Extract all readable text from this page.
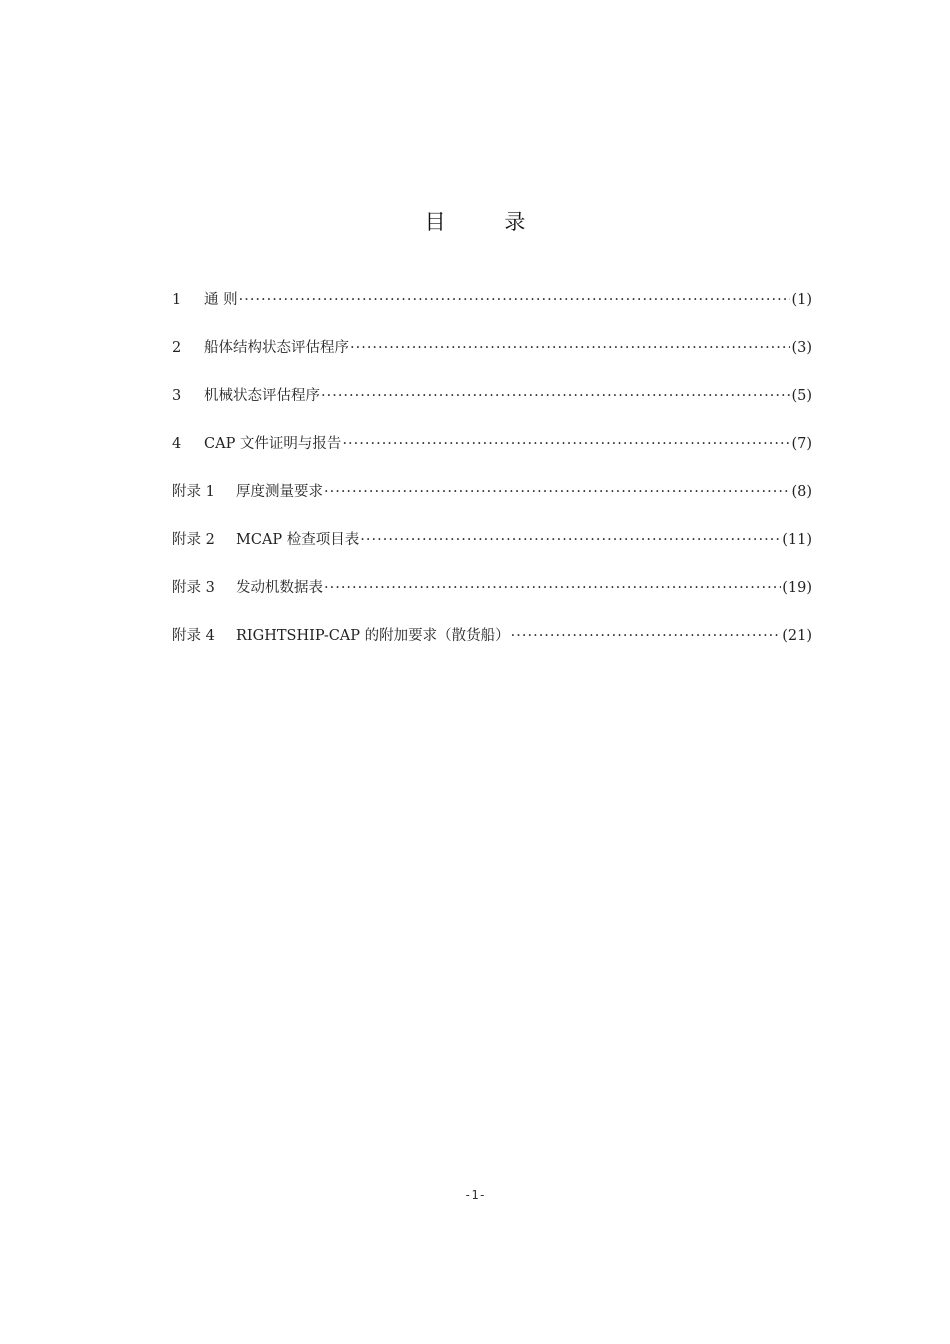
目 录
1	通 则 ·····	(1)
2	船体结构状态评估程序 ·····	(3)
3	机械状态评估程序 ·····	(5)
4	CAP 文件证明与报告 ·····	(7)
附录 1	厚度测量要求 ·····	(8)
附录 2	MCAP 检查项目表 ·····	(11)
附录 3	发动机数据表 ·····	(19)
附录 4	RIGHTSHIP-CAP 的附加要求（散货船） ·····	(21)
-1-
